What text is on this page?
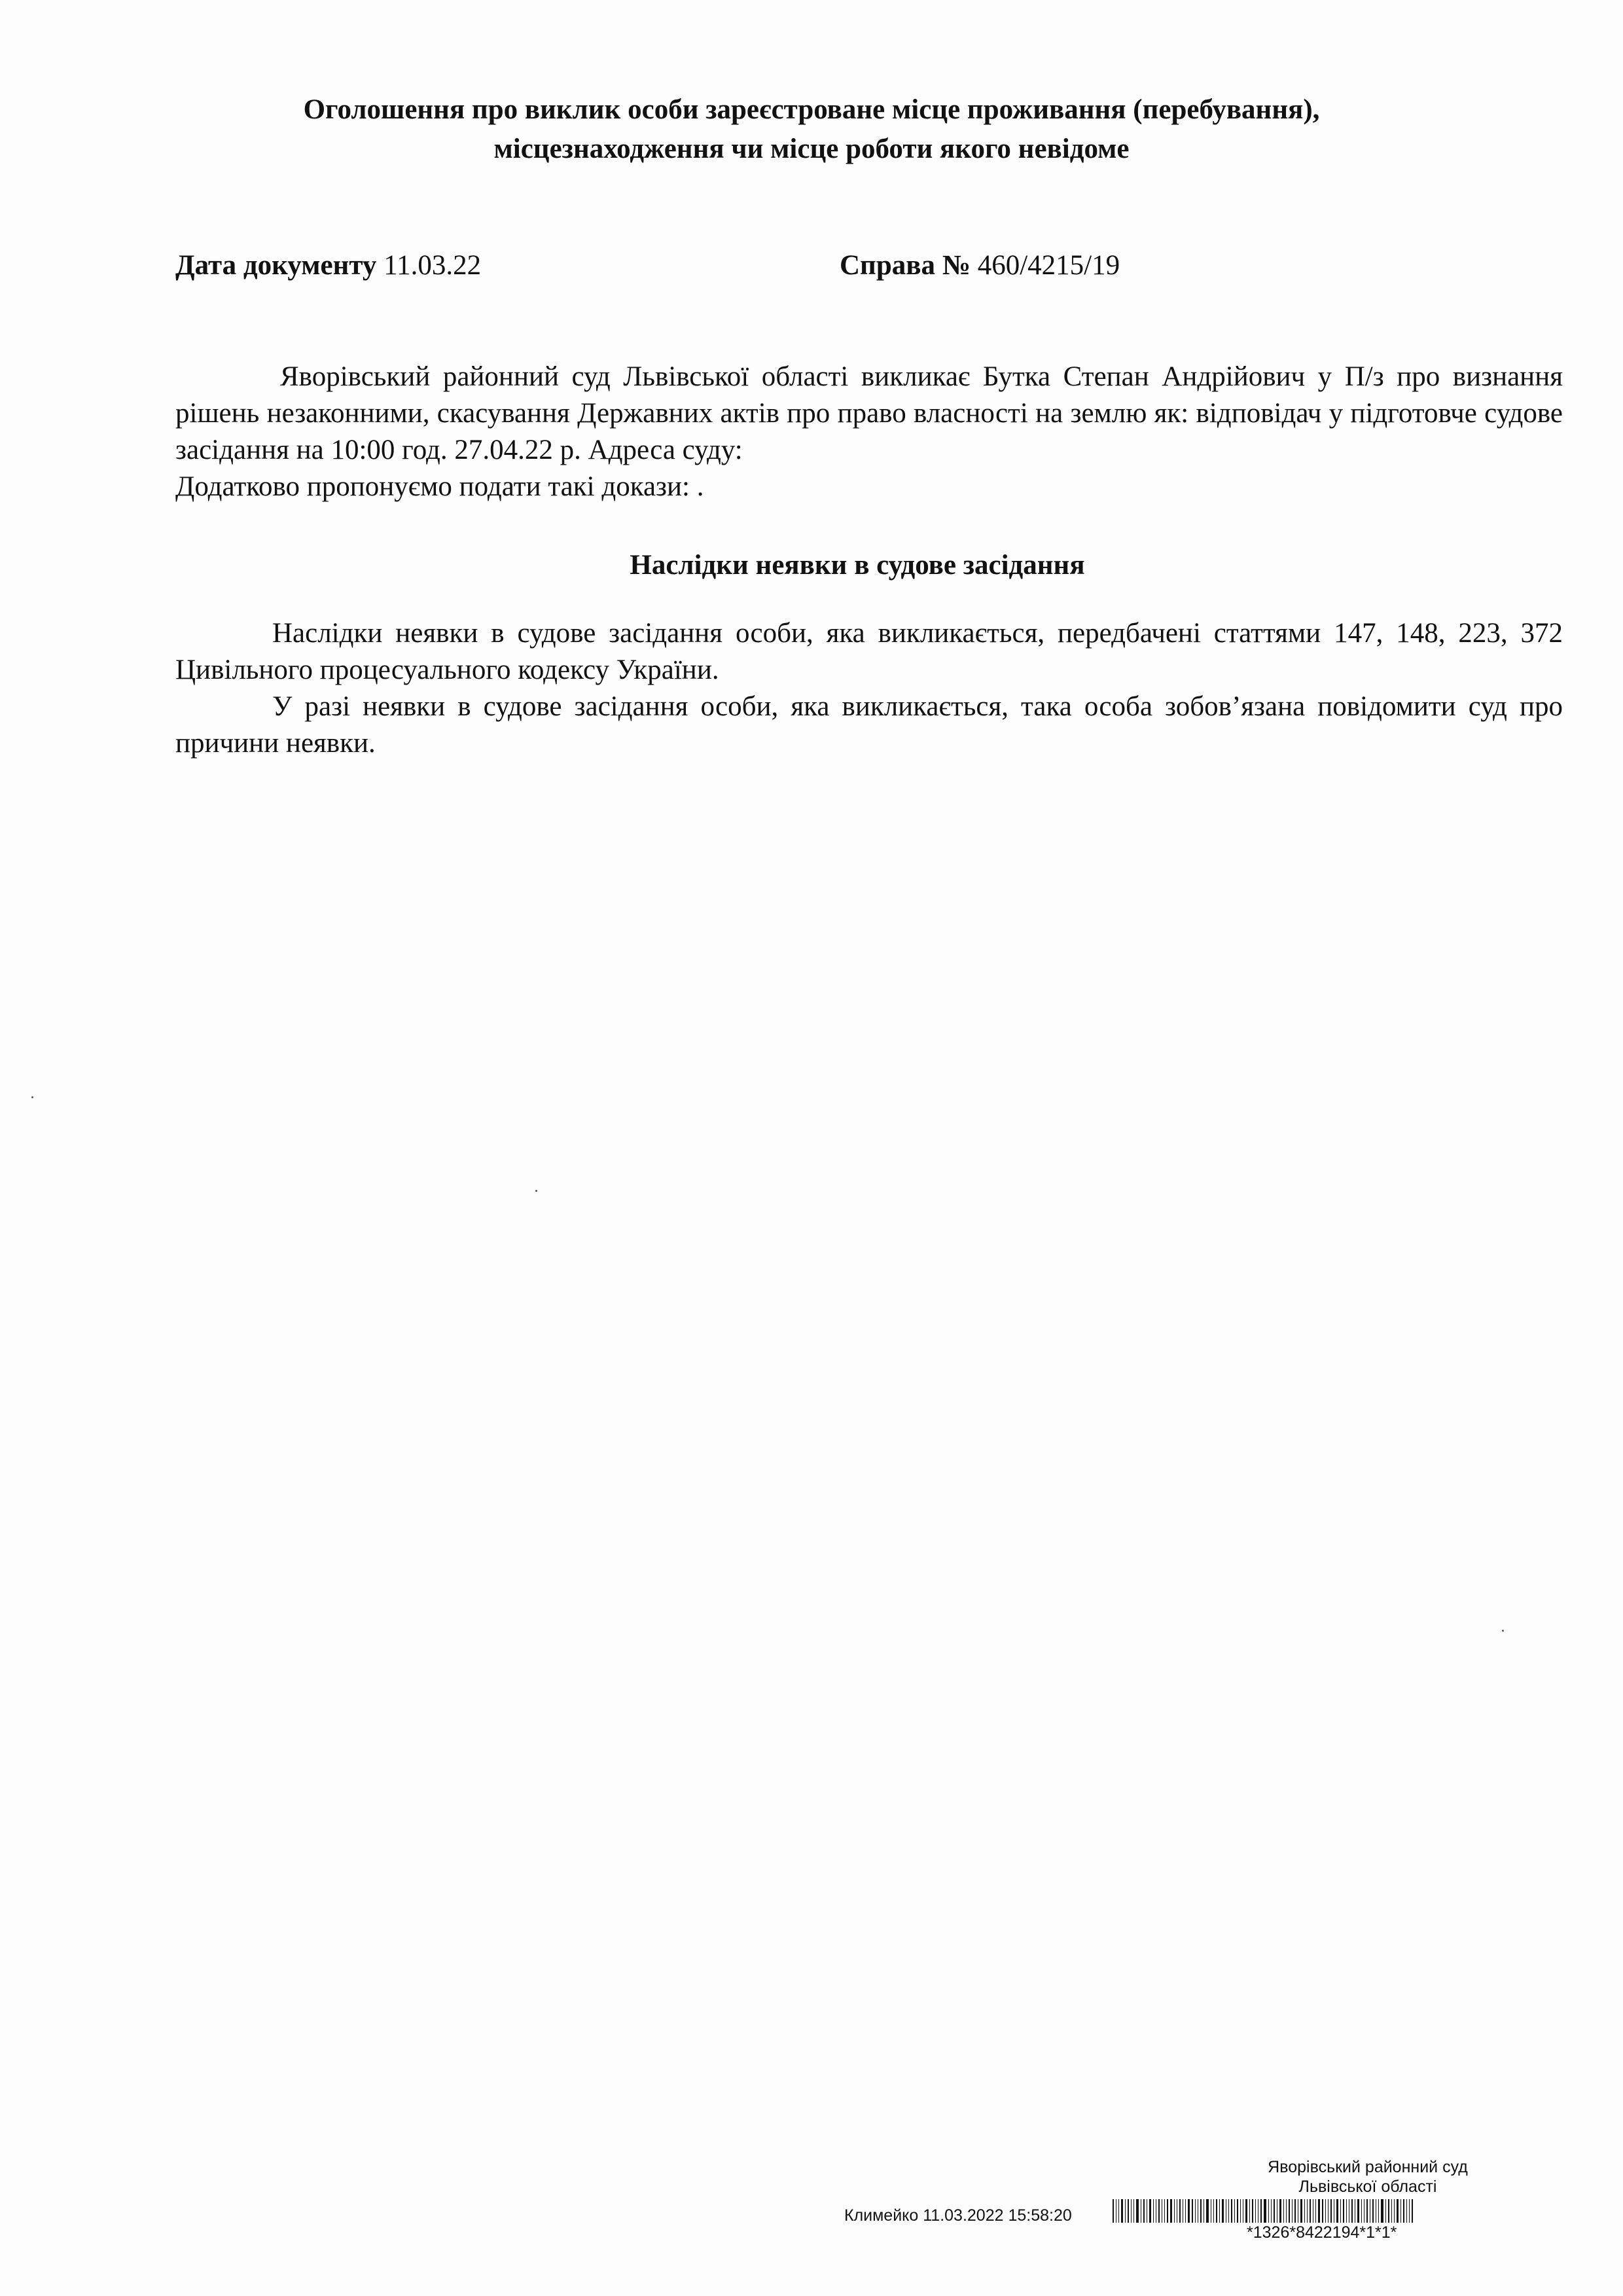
Оголошення про виклик особи зареєстроване місце проживання (перебування),
місцезнаходження чи місце роботи якого невідоме
Дата документу 11.03.22	Справа № 460/4215/19

Яворівський районний суд Львівської області викликає Бутка Степан Андрійович у П/з про визнання рішень незаконними, скасування Державних актів про право власності на землю як: відповідач у підготовче судове засідання на 10:00 год. 27.04.22 р. Адреса суду:

Додатково пропонуємо подати такі докази: .

Наслідки неявки в судове засідання

Наслідки неявки в судове засідання особи, яка викликається, передбачені статтями 147, 148, 223, 372 Цивільного процесуального кодексу України.

У разі неявки в судове засідання особи, яка викликається, така особа зобов’язана повідомити суд про причини неявки.

Яворівський районний суд
Львівської області
Климейко 11.03.2022 15:58:20
*1326*8422194*1*1*
